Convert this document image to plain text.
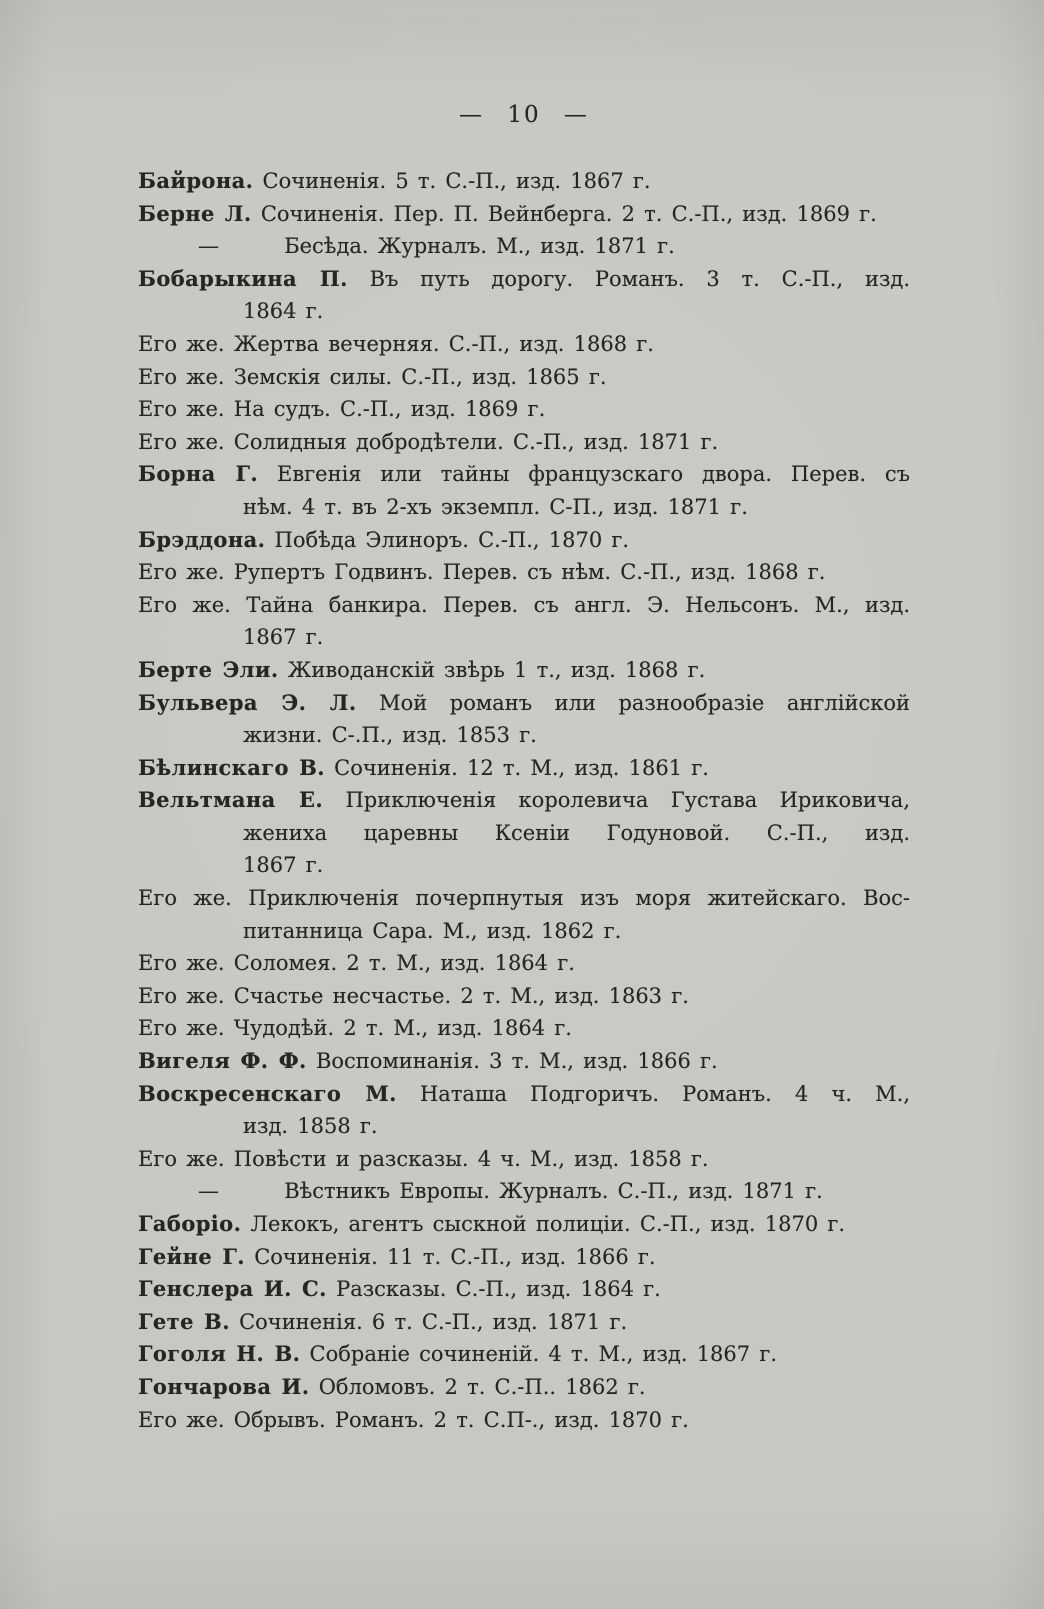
— 10 —
Байрона. Сочиненія. 5 т. С.-П., изд. 1867 г.
Берне Л. Сочиненія. Пер. П. Вейнберга. 2 т. С.-П., изд. 1869 г.
—	Бесѣда. Журналъ. М., изд. 1871 г.
Бобарыкина П. Въ путь дорогу. Романъ. 3 т. С.-П., изд.
1864 г.
Его же. Жертва вечерняя. С.-П., изд. 1868 г.
Его же. Земскія силы. С.-П., изд. 1865 г.
Его же. На судъ. С.-П., изд. 1869 г.
Его же. Солидныя добродѣтели. С.-П., изд. 1871 г.
Борна Г. Евгенія или тайны французскаго двора. Перев. съ
нѣм. 4 т. въ 2-хъ экземпл. С-П., изд. 1871 г.
Брэддона. Побѣда Элиноръ. С.-П., 1870 г.
Его же. Рупертъ Годвинъ. Перев. съ нѣм. С.-П., изд. 1868 г.
Его же. Тайна банкира. Перев. съ англ. Э. Нельсонъ. М., изд.
1867 г.
Берте Эли. Живоданскій звѣрь 1 т., изд. 1868 г.
Бульвера Э. Л. Мой романъ или разнообразіе англійской
жизни. С-.П., изд. 1853 г.
Бѣлинскаго В. Сочиненія. 12 т. М., изд. 1861 г.
Вельтмана Е. Приключенія королевича Густава Ириковича,
жениха царевны Ксеніи Годуновой. С.-П., изд.
1867 г.
Его же. Приключенія почерпнутыя изъ моря житейскаго. Вос-
питанница Сара. М., изд. 1862 г.
Его же. Соломея. 2 т. М., изд. 1864 г.
Его же. Счастье несчастье. 2 т. М., изд. 1863 г.
Его же. Чудодѣй. 2 т. М., изд. 1864 г.
Вигеля Ф. Ф. Воспоминанія. 3 т. М., изд. 1866 г.
Воскресенскаго М. Наташа Подгоричъ. Романъ. 4 ч. М.,
изд. 1858 г.
Его же. Повѣсти и разсказы. 4 ч. М., изд. 1858 г.
—	Вѣстникъ Европы. Журналъ. С.-П., изд. 1871 г.
Габоріо. Лекокъ, агентъ сыскной полиціи. С.-П., изд. 1870 г.
Гейне Г. Сочиненія. 11 т. С.-П., изд. 1866 г.
Генслера И. С. Разсказы. С.-П., изд. 1864 г.
Гете В. Сочиненія. 6 т. С.-П., изд. 1871 г.
Гоголя Н. В. Собраніе сочиненій. 4 т. М., изд. 1867 г.
Гончарова И. Обломовъ. 2 т. С.-П.. 1862 г.
Его же. Обрывъ. Романъ. 2 т. С.П-., изд. 1870 г.
